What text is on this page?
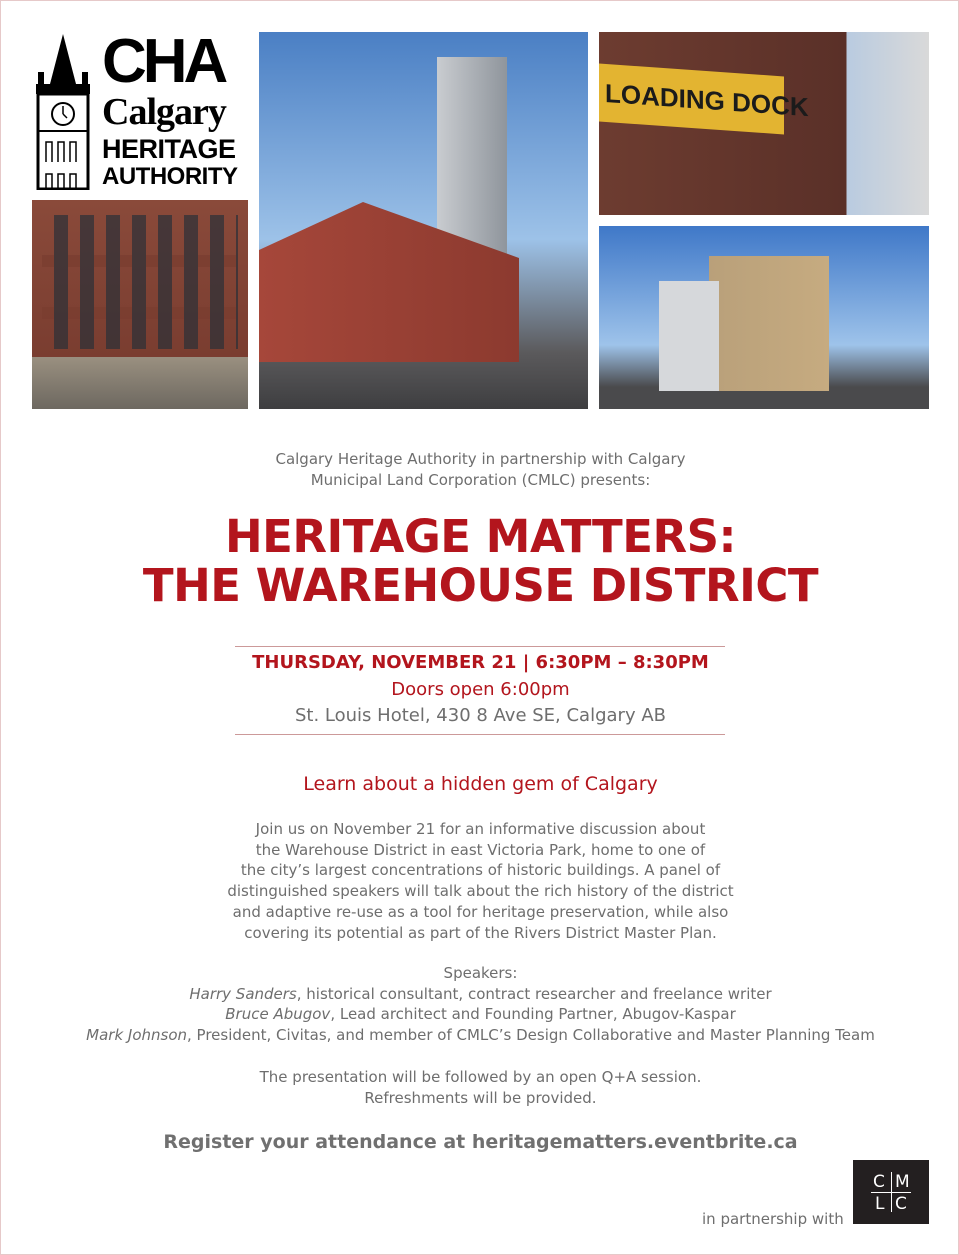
CHA
Calgary
HERITAGE
AUTHORITY
LOADING DOCK

Calgary Heritage Authority in partnership with Calgary

Municipal Land Corporation (CMLC) presents:

HERITAGE MATTERS:

THE WAREHOUSE DISTRICT

THURSDAY, NOVEMBER 21 | 6:30PM – 8:30PM
Doors open 6:00pm
St. Louis Hotel, 430 8 Ave SE, Calgary AB
Learn about a hidden gem of Calgary

Join us on November 21 for an informative discussion about

the Warehouse District in east Victoria Park, home to one of

the city’s largest concentrations of historic buildings. A panel of

distinguished speakers will talk about the rich history of the district

and adaptive re-use as a tool for heritage preservation, while also

covering its potential as part of the Rivers District Master Plan.

Speakers:

Harry Sanders, historical consultant, contract researcher and freelance writer

Bruce Abugov, Lead architect and Founding Partner, Abugov-Kaspar

Mark Johnson, President, Civitas, and member of CMLC’s Design Collaborative and Master Planning Team

The presentation will be followed by an open Q+A session.

Refreshments will be provided.

Register your attendance at heritagematters.eventbrite.ca
in partnership with
C M
L C
